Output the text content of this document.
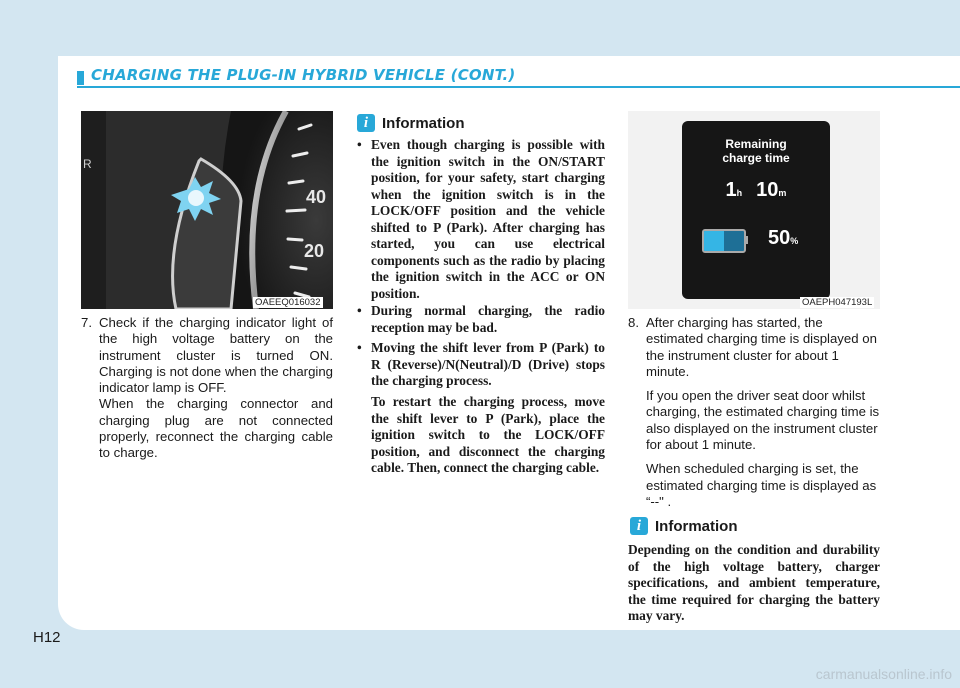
CHARGING THE PLUG-IN HYBRID VEHICLE (CONT.)
40
20
R
OAEEQ016032
7. Check if the charging indicator light of the high voltage battery on the instrument cluster is turned ON. Charging is not done when the charging indicator lamp is OFF.
When the charging connector and charging plug are not connected properly, reconnect the charging cable to charge.
i Information
• Even though charging is possible with the ignition switch in the ON/START position, for your safety, start charging when the ignition switch is in the LOCK/OFF position and the vehicle shifted to P (Park). After charging has started, you can use electrical components such as the radio by placing the ignition switch in the ACC or ON position.
• During normal charging, the radio reception may be bad.
• Moving the shift lever from P (Park) to R (Reverse)/N(Neutral)/D (Drive) stops the charging process.
To restart the charging process, move the shift lever to P (Park), place the ignition switch to the LOCK/OFF position, and disconnect the charging cable. Then, connect the charging cable.
Remaining
charge time
1h 10m
50%
OAEPH047193L
8. After charging has started, the estimated charging time is displayed on the instrument cluster for about 1 minute.
If you open the driver seat door whilst charging, the estimated charging time is also displayed on the instrument cluster for about 1 minute.
When scheduled charging is set, the estimated charging time is displayed as “--" .
i Information
Depending on the condition and durability of the high voltage battery, charger specifications, and ambient temperature, the time required for charging the battery may vary.
H12
carmanualsonline.info
